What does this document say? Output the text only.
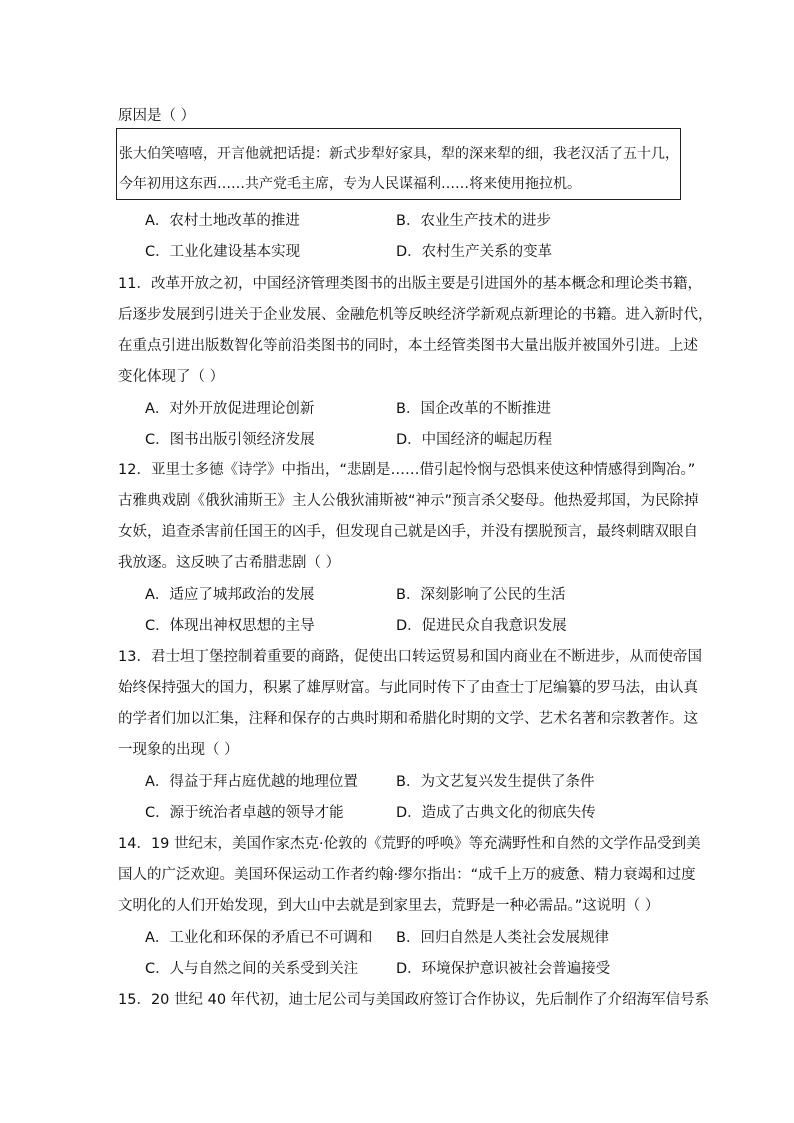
原因是（ ）
张大伯笑嘻嘻，开言他就把话提：新式步犁好家具，犁的深来犁的细，我老汉活了五十几，
今年初用这东西……共产党毛主席，专为人民谋福利……将来使用拖拉机。
A．农村土地改革的推进	B．农业生产技术的进步
C．工业化建设基本实现	D．农村生产关系的变革
11．改革开放之初，中国经济管理类图书的出版主要是引进国外的基本概念和理论类书籍，
后逐步发展到引进关于企业发展、金融危机等反映经济学新观点新理论的书籍。进入新时代，
在重点引进出版数智化等前沿类图书的同时，本土经管类图书大量出版并被国外引进。上述
变化体现了（ ）
A．对外开放促进理论创新	B．国企改革的不断推进
C．图书出版引领经济发展	D．中国经济的崛起历程
12．亚里士多德《诗学》中指出，“悲剧是……借引起怜悯与恐惧来使这种情感得到陶冶。”
古雅典戏剧《俄狄浦斯王》主人公俄狄浦斯被“神示”预言杀父娶母。他热爱邦国，为民除掉
女妖，追查杀害前任国王的凶手，但发现自己就是凶手，并没有摆脱预言，最终刺瞎双眼自
我放逐。这反映了古希腊悲剧（ ）
A．适应了城邦政治的发展	B．深刻影响了公民的生活
C．体现出神权思想的主导	D．促进民众自我意识发展
13．君士坦丁堡控制着重要的商路，促使出口转运贸易和国内商业在不断进步，从而使帝国
始终保持强大的国力，积累了雄厚财富。与此同时传下了由查士丁尼编纂的罗马法，由认真
的学者们加以汇集，注释和保存的古典时期和希腊化时期的文学、艺术名著和宗教著作。这
一现象的出现（ ）
A．得益于拜占庭优越的地理位置	B．为文艺复兴发生提供了条件
C．源于统治者卓越的领导才能	D．造成了古典文化的彻底失传
14．19 世纪末，美国作家杰克·伦敦的《荒野的呼唤》等充满野性和自然的文学作品受到美
国人的广泛欢迎。美国环保运动工作者约翰·缪尔指出：“成千上万的疲惫、精力衰竭和过度
文明化的人们开始发现，到大山中去就是到家里去，荒野是一种必需品。”这说明（ ）
A．工业化和环保的矛盾已不可调和 B．回归自然是人类社会发展规律
C．人与自然之间的关系受到关注	D．环境保护意识被社会普遍接受
15．20 世纪 40 年代初，迪士尼公司与美国政府签订合作协议，先后制作了介绍海军信号系
